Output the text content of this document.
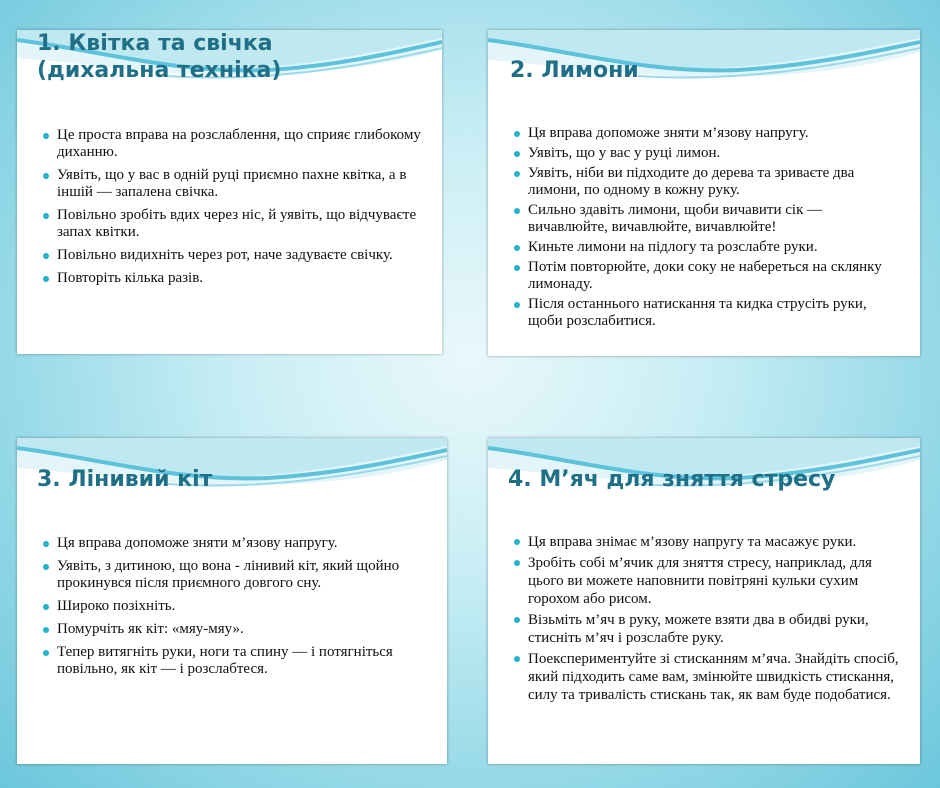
1. Квітка та свічка
(дихальна техніка)
Це проста вправа на розслаблення, що сприяє глибокому диханню.
Уявіть, що у вас в одній руці приємно пахне квітка, а в іншій — запалена свічка.
Повільно зробіть вдих через ніс, й уявіть, що відчуваєте запах квітки.
Повільно видихніть через рот, наче задуваєте свічку.
Повторіть кілька разів.
2. Лимони
Ця вправа допоможе зняти м’язову напругу.
Уявіть, що у вас у руці лимон.
Уявіть, ніби ви підходите до дерева та зриваєте два лимони, по одному в кожну руку.
Сильно здавіть лимони, щоби вичавити сік — вичавлюйте, вичавлюйте, вичавлюйте!
Киньте лимони на підлогу та розслабте руки.
Потім повторюйте, доки соку не набереться на склянку лимонаду.
Після останнього натискання та кидка струсіть руки, щоби розслабитися.
3. Лінивий кіт
Ця вправа допоможе зняти м’язову напругу.
Уявіть, з дитиною, що вона - лінивий кіт, який щойно прокинувся після приємного довгого сну.
Широко позіхніть.
Помурчіть як кіт: «мяу-мяу».
Тепер витягніть руки, ноги та спину — і потягніться повільно, як кіт — і розслабтеся.
4. М’яч для зняття стресу
Ця вправа знімає м’язову напругу та масажує руки.
Зробіть собі м’ячик для зняття стресу, наприклад, для цього ви можете наповнити повітряні кульки сухим горохом або рисом.
Візьміть м’яч в руку, можете взяти два в обидві руки, стисніть м’яч і розслабте руку.
Поекспериментуйте зі стисканням м’яча. Знайдіть спосіб, який підходить саме вам, змінюйте швидкість стискання, силу та тривалість стискань так, як вам буде подобатися.
